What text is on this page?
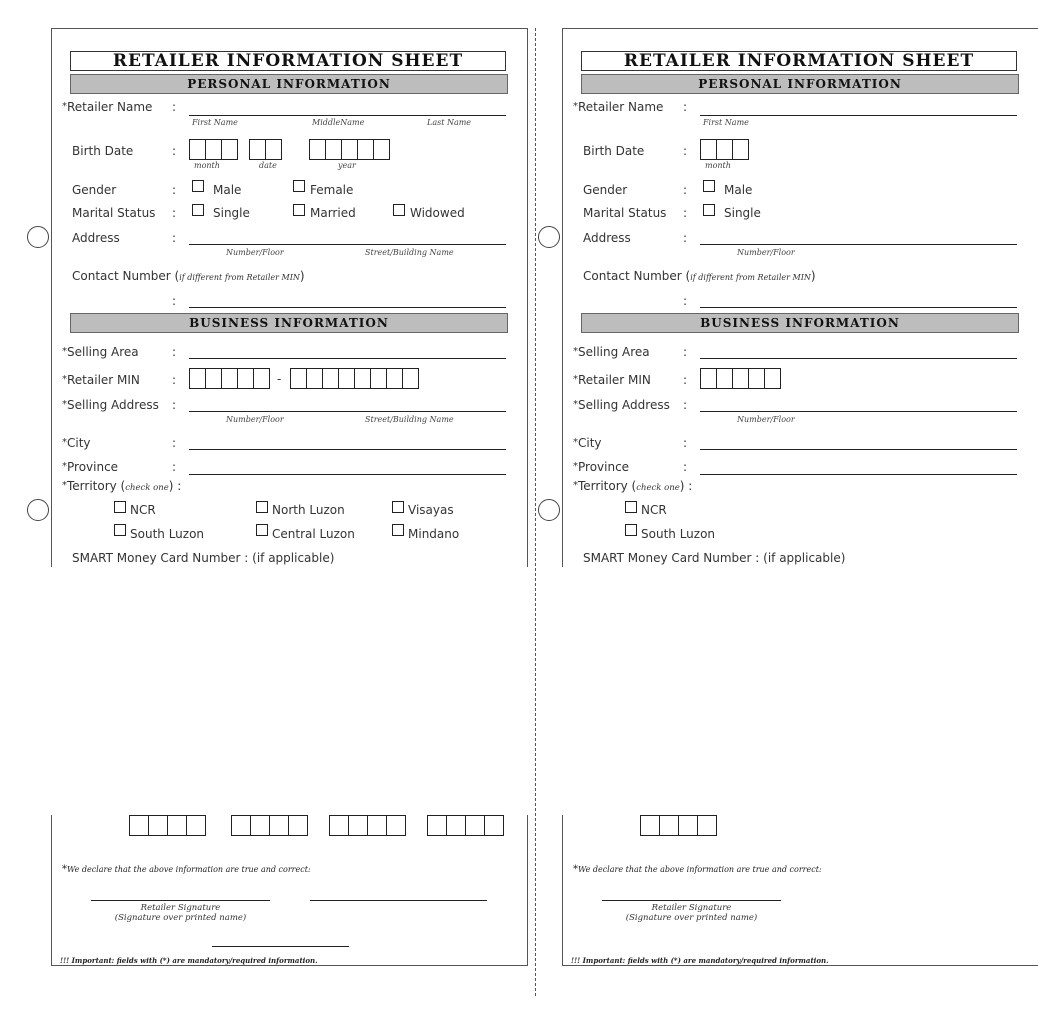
RETAILER INFORMATION SHEET
PERSONAL INFORMATION
*Retailer Name :
First Name	MiddleName	Last Name
Birth Date	:
month	date	year
Gender	:	Male	Female
Marital Status :	Single	Married	Widowed
Address	:
Number/Floor	Street/Building Name
Contact Number (if different from Retailer MIN)
:
BUSINESS INFORMATION
*Selling Area	:
*Retailer MIN	:	-
*Selling Address :
Number/Floor	Street/Building Name
*City	:
*Province	:
*Territory (check one) :
NCR	North Luzon	Visayas
South Luzon	Central Luzon	Mindano
SMART Money Card Number : (if applicable)
*We declare that the above information are true and correct:
Retailer Signature
(Signature over printed name)
!!! Important: fields with (*) are mandatory/required information.
RETAILER INFORMATION SHEET
PERSONAL INFORMATION
*Retailer Name :
First Name
Birth Date	:
month
Gender	:	Male
Marital Status :	Single
Address	:
Number/Floor
Contact Number (if different from Retailer MIN)
:
BUSINESS INFORMATION
*Selling Area	:
*Retailer MIN	:
*Selling Address :
Number/Floor
*City	:
*Province	:
*Territory (check one) :
NCR
South Luzon
SMART Money Card Number : (if applicable)
*We declare that the above information are true and correct:
Retailer Signature
(Signature over printed name)
!!! Important: fields with (*) are mandatory/required information.
